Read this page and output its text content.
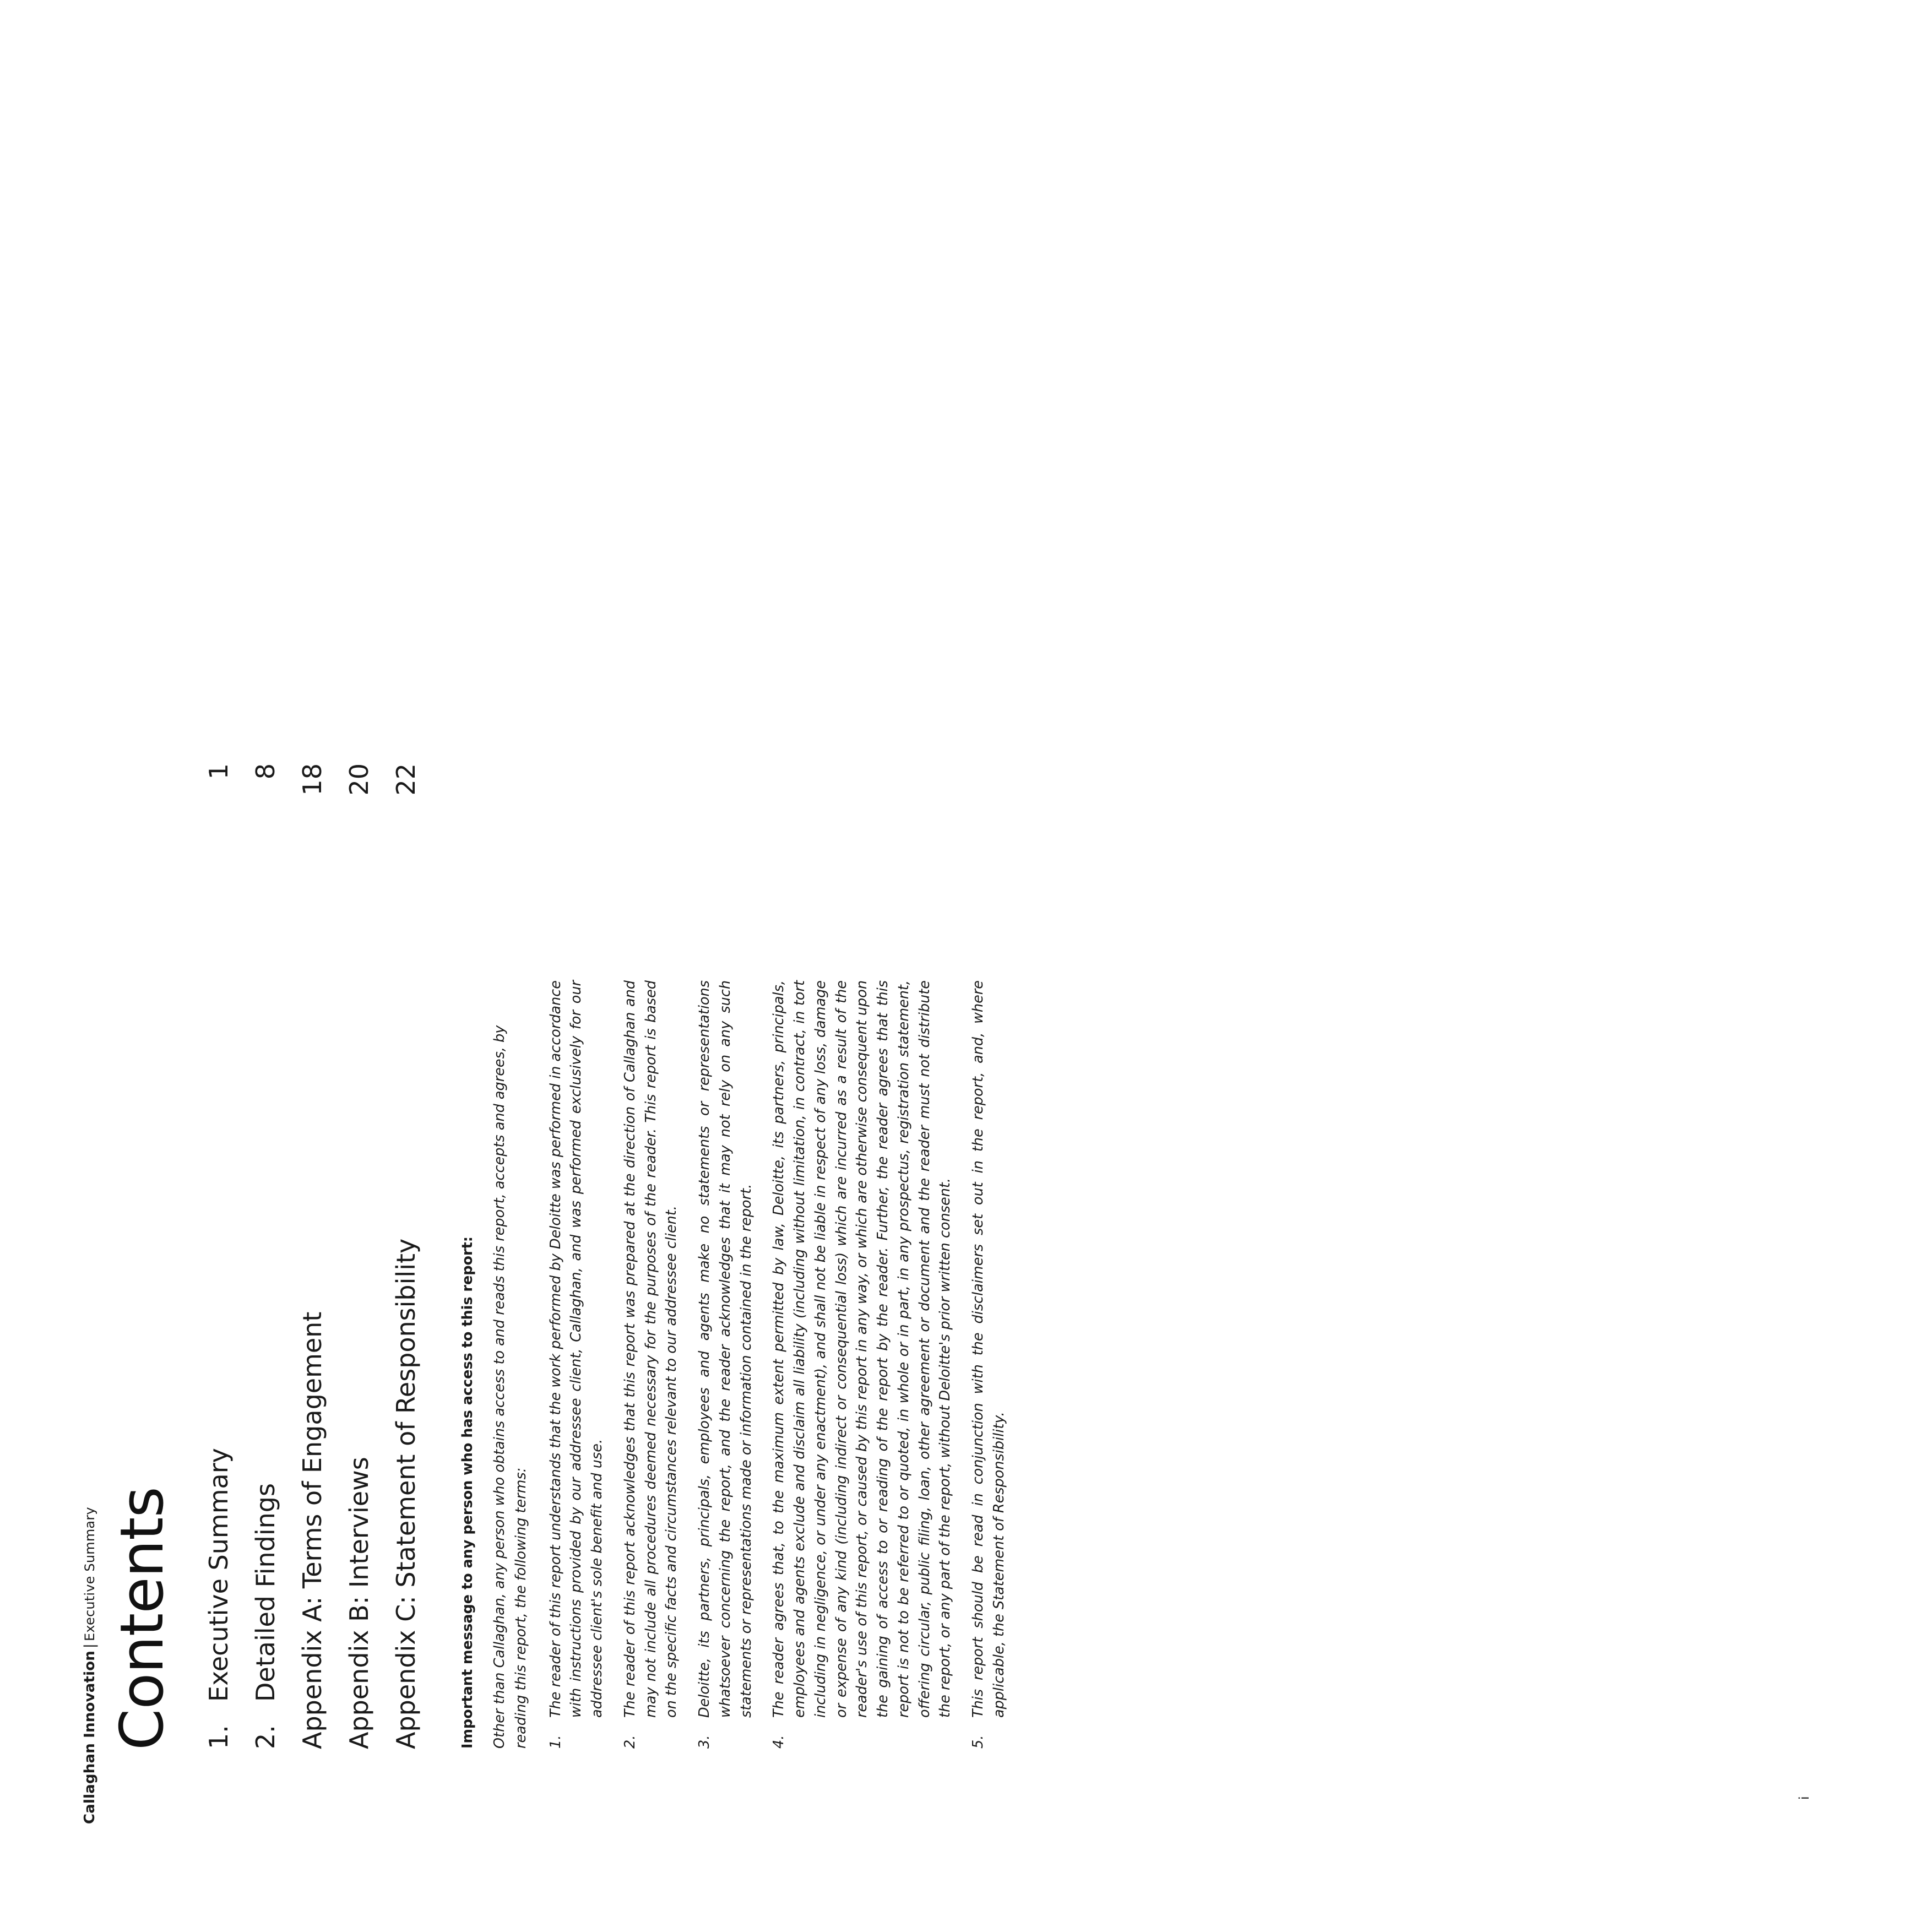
Callaghan Innovation|Executive Summary Contents 1.
Executive Summary
1
2.
Detailed Findings
8
Appendix A: Terms of Engagement
18
Appendix B: Interviews
20
Appendix C: Statement of Responsibility
22
Important message to any person who has access to this report: Other than Callaghan, any person who obtains access to and reads this report, accepts and agrees, by reading this report, the following terms: 1.
The reader of this report understands that the work performed by Deloitte was performed in accordance with instructions provided by our addressee client, Callaghan, and was performed exclusively for our addressee client's sole benefit and use.
2.
The reader of this report acknowledges that this report was prepared at the direction of Callaghan and may not include all procedures deemed necessary for the purposes of the reader. This report is based on the specific facts and circumstances relevant to our addressee client.
3.
Deloitte, its partners, principals, employees and agents make no statements or representations whatsoever concerning the report, and the reader acknowledges that it may not rely on any such statements or representations made or information contained in the report.
4.
The reader agrees that, to the maximum extent permitted by law, Deloitte, its partners, principals, employees and agents exclude and disclaim all liability (including without limitation, in contract, in tort including in negligence, or under any enactment), and shall not be liable in respect of any loss, damage or expense of any kind (including indirect or consequential loss) which are incurred as a result of the reader's use of this report, or caused by this report in any way, or which are otherwise consequent upon the gaining of access to or reading of the report by the reader. Further, the reader agrees that this report is not to be referred to or quoted, in whole or in part, in any prospectus, registration statement, offering circular, public filing, loan, other agreement or document and the reader must not distribute the report, or any part of the report, without Deloitte's prior written consent.
5.
This report should be read in conjunction with the disclaimers set out in the report, and, where applicable, the Statement of Responsibility.
i
